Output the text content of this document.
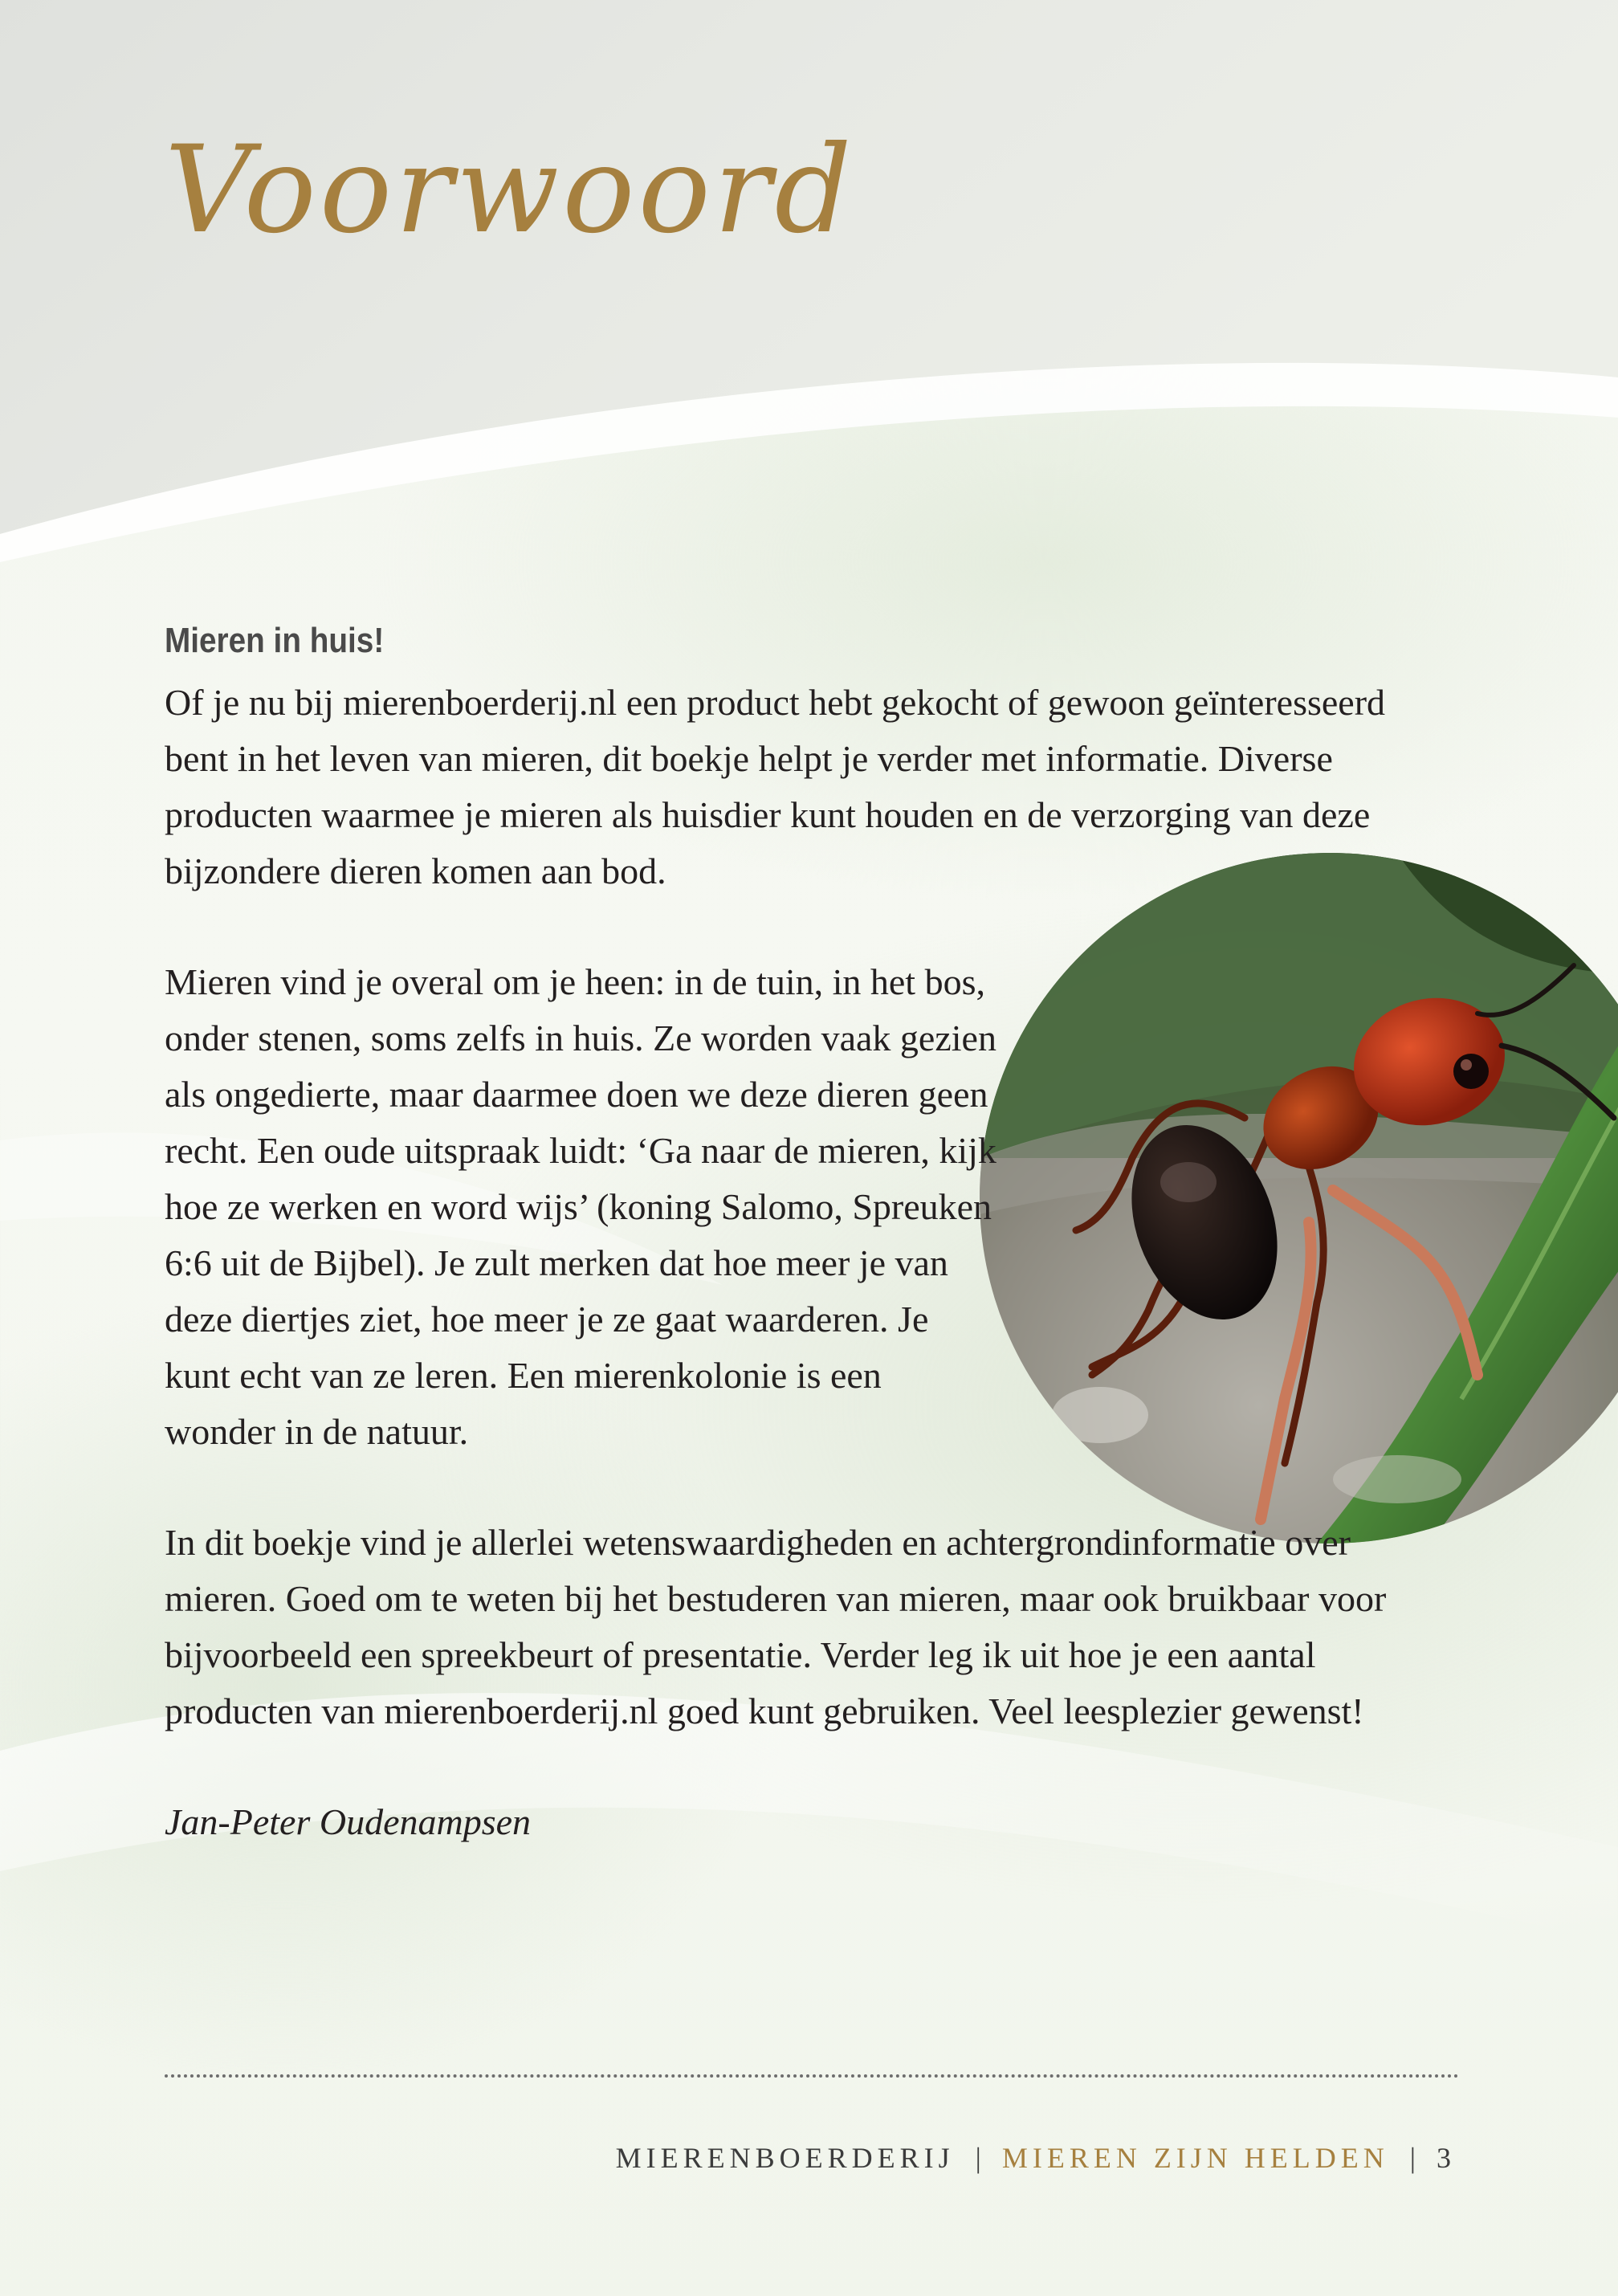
Voorwoord
Mieren in huis!

Of je nu bij mierenboerderij.nl een product hebt gekocht of gewoon geïnteresseerd bent in het leven van mieren, dit boekje helpt je verder met informatie. Diverse producten waarmee je mieren als huisdier kunt houden en de verzorging van deze bijzondere dieren komen aan bod.

Mieren vind je overal om je heen: in de tuin, in het bos, onder stenen, soms zelfs in huis. Ze worden vaak gezien als ongedierte, maar daarmee doen we deze dieren geen recht. Een oude uitspraak luidt: ‘Ga naar de mieren, kijk hoe ze werken en word wijs’ (koning Salomo, Spreuken 6:6 uit de Bijbel). Je zult merken dat hoe meer je van deze diertjes ziet, hoe meer je ze gaat waarderen. Je kunt echt van ze leren. Een mierenkolonie is een wonder in de natuur.

In dit boekje vind je allerlei wetenswaardigheden en achtergrondinformatie over mieren. Goed om te weten bij het bestuderen van mieren, maar ook bruikbaar voor bijvoorbeeld een spreekbeurt of presentatie. Verder leg ik uit hoe je een aantal producten van mierenboerderij.nl goed kunt gebruiken. Veel leesplezier gewenst!

Jan-Peter Oudenampsen

MIERENBOERDERIJ | MIEREN ZIJN HELDEN | 3
